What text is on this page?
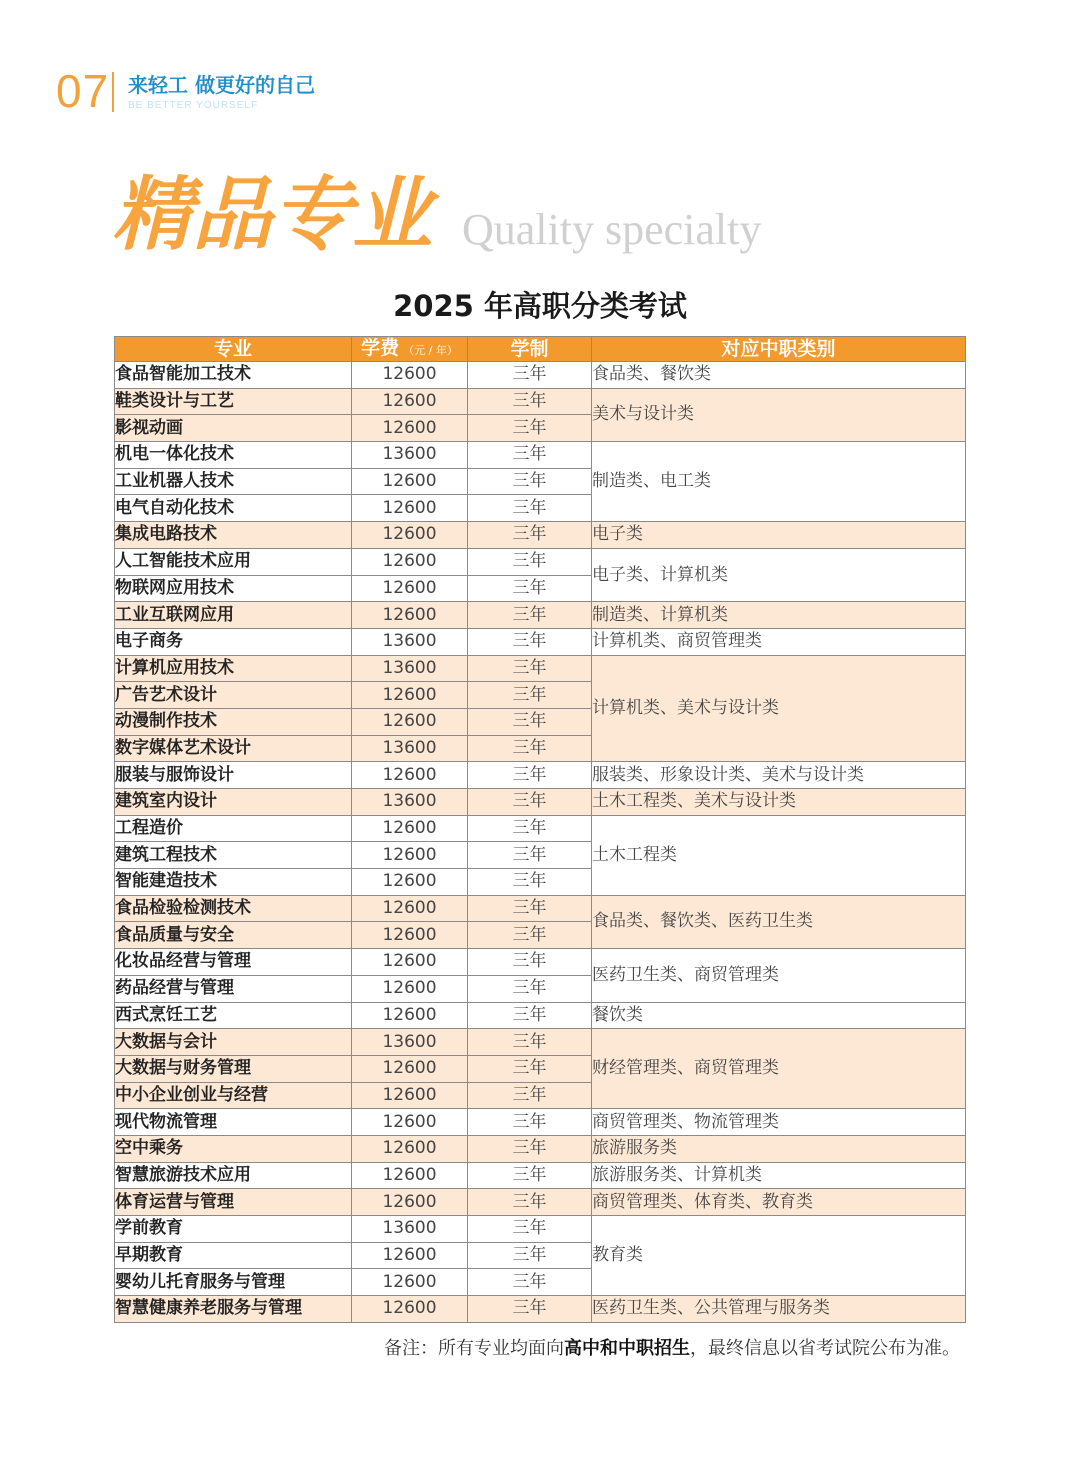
07 来轻工 做更好的自己
BE BETTER YOURSELF
精品专业 Quality specialty
2025 年高职分类考试
专业	学费 （元 / 年）	学制	对应中职类别
食品智能加工技术	12600	三年	食品类、餐饮类
鞋类设计与工艺	12600	三年	美术与设计类
影视动画	12600	三年	
机电一体化技术	13600	三年	制造类、电工类
工业机器人技术	12600	三年	
电气自动化技术	12600	三年	
集成电路技术	12600	三年	电子类
人工智能技术应用	12600	三年	电子类、计算机类
物联网应用技术	12600	三年	
工业互联网应用	12600	三年	制造类、计算机类
电子商务	13600	三年	计算机类、商贸管理类
计算机应用技术	13600	三年	计算机类、美术与设计类
广告艺术设计	12600	三年	
动漫制作技术	12600	三年	
数字媒体艺术设计	13600	三年	
服装与服饰设计	12600	三年	服装类、形象设计类、美术与设计类
建筑室内设计	13600	三年	土木工程类、美术与设计类
工程造价	12600	三年	土木工程类
建筑工程技术	12600	三年	
智能建造技术	12600	三年	
食品检验检测技术	12600	三年	食品类、餐饮类、医药卫生类
食品质量与安全	12600	三年	
化妆品经营与管理	12600	三年	医药卫生类、商贸管理类
药品经营与管理	12600	三年	
西式烹饪工艺	12600	三年	餐饮类
大数据与会计	13600	三年	财经管理类、商贸管理类
大数据与财务管理	12600	三年	
中小企业创业与经营	12600	三年	
现代物流管理	12600	三年	商贸管理类、物流管理类
空中乘务	12600	三年	旅游服务类
智慧旅游技术应用	12600	三年	旅游服务类、计算机类
体育运营与管理	12600	三年	商贸管理类、体育类、教育类
学前教育	13600	三年	教育类
早期教育	12600	三年	
婴幼儿托育服务与管理	12600	三年	
智慧健康养老服务与管理	12600	三年	医药卫生类、公共管理与服务类
备注：所有专业均面向高中和中职招生，最终信息以省考试院公布为准。
